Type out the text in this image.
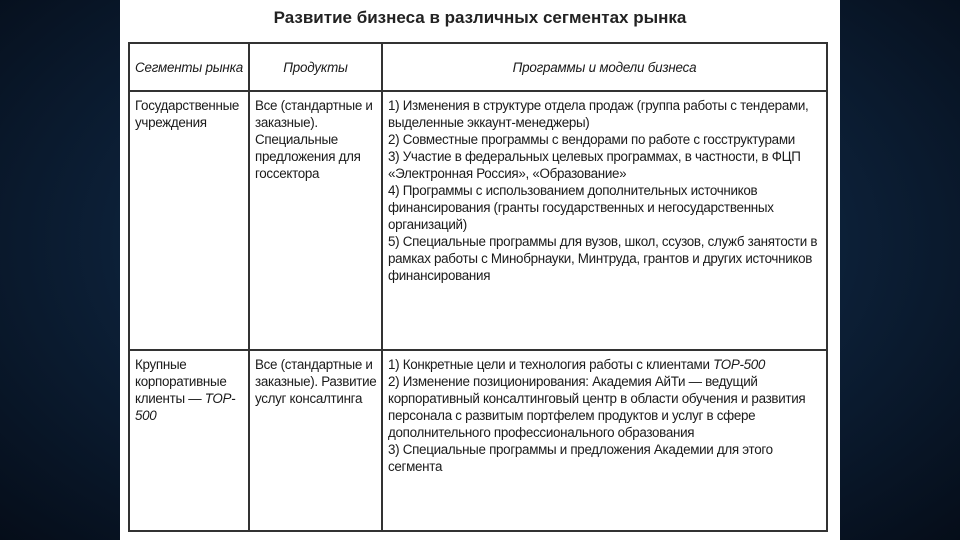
Развитие бизнеса в различных сегментах рынка
Сегменты рынка	Продукты	Программы и модели бизнеса
Государственные учреждения	Все (стандартные и заказные). Специальные предложения для госсектора	1) Изменения в структуре отдела продаж (группа работы с тендерами, выделенные эккаунт-менеджеры)

2) Совместные программы с вендорами по работе с госструктурами

3) Участие в федеральных целевых программах, в частности, в ФЦП «Электронная Россия», «Образование»

4) Программы с использованием дополнительных источников финансирования (гранты государственных и негосударственных организаций)

5) Специальные программы для вузов, школ, ссузов, служб занятости в рамках работы с Минобрнауки, Минтруда, грантов и других источников финансирования

Крупные корпоративные клиенты — TOP-500	Все (стандартные и заказные). Развитие услуг консалтинга	1) Конкретные цели и технология работы с клиентами TOP-500

2) Изменение позиционирования: Академия АйТи — ведущий корпоративный консалтинговый центр в области обучения и развития персонала с развитым портфелем продуктов и услуг в сфере дополнительного профессионального образования

3) Специальные программы и предложения Академии для этого сегмента
